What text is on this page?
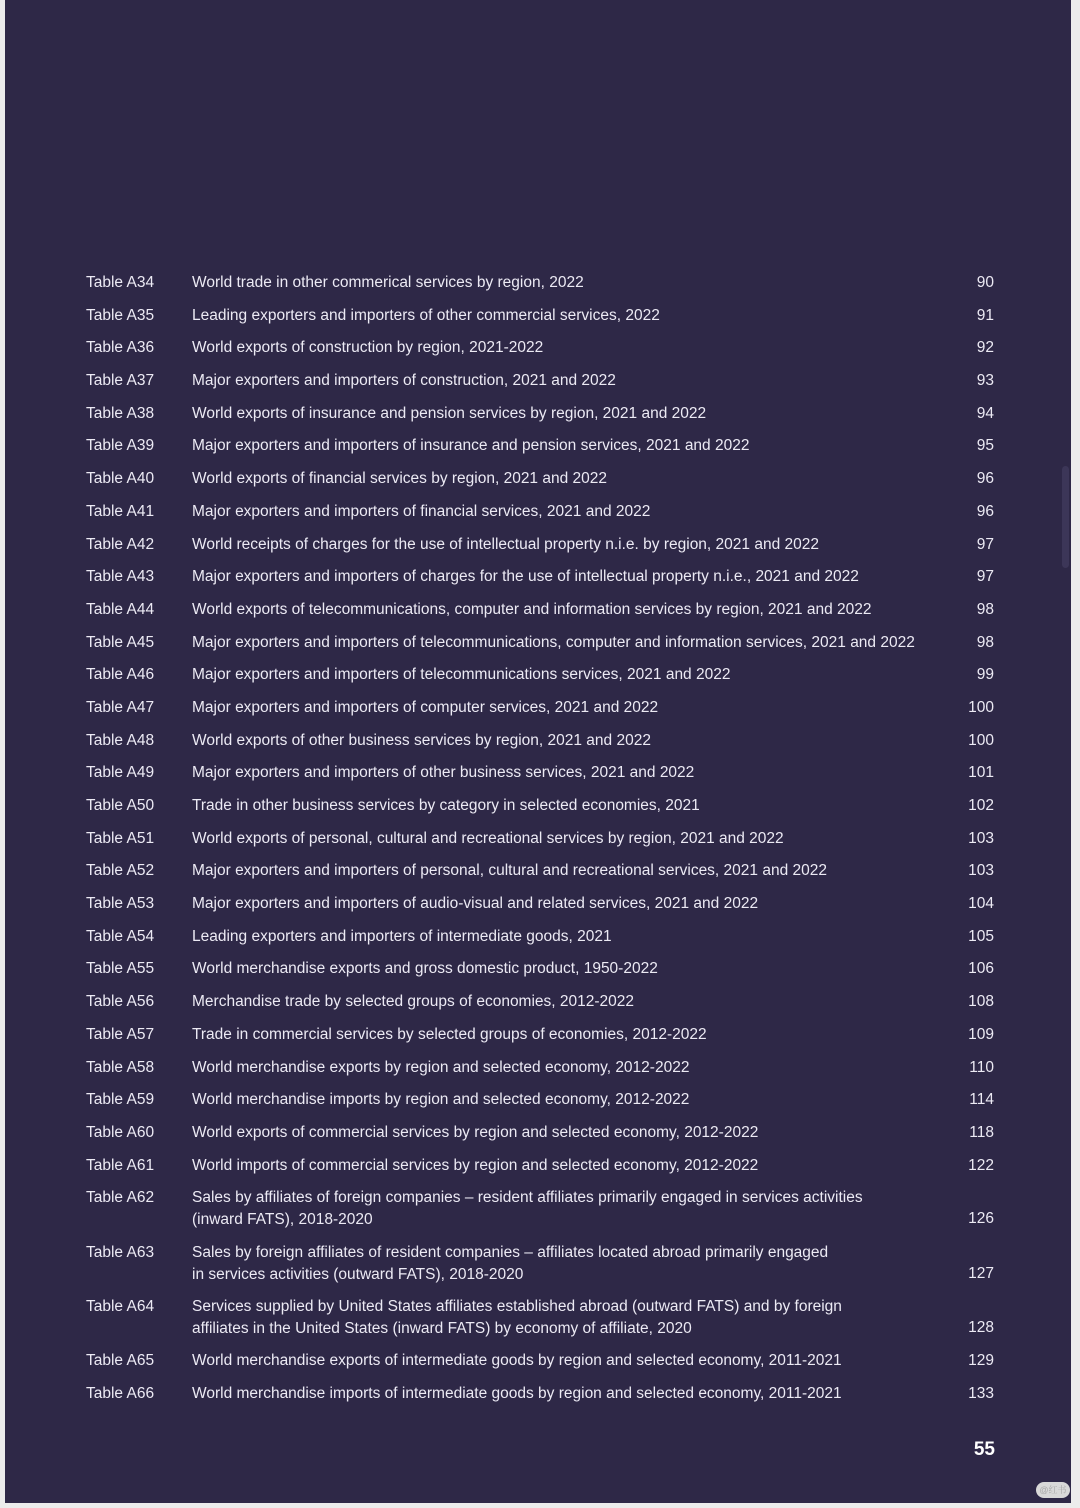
Table A34	World trade in other commerical services by region, 2022	90
Table A35	Leading exporters and importers of other commercial services, 2022	91
Table A36	World exports of construction by region, 2021-2022	92
Table A37	Major exporters and importers of construction, 2021 and 2022	93
Table A38	World exports of insurance and pension services by region, 2021 and 2022	94
Table A39	Major exporters and importers of insurance and pension services, 2021 and 2022	95
Table A40	World exports of financial services by region, 2021 and 2022	96
Table A41	Major exporters and importers of financial services, 2021 and 2022	96
Table A42	World receipts of charges for the use of intellectual property n.i.e. by region, 2021 and 2022	97
Table A43	Major exporters and importers of charges for the use of intellectual property n.i.e., 2021 and 2022	97
Table A44	World exports of telecommunications, computer and information services by region, 2021 and 2022	98
Table A45	Major exporters and importers of telecommunications, computer and information services, 2021 and 2022	98
Table A46	Major exporters and importers of telecommunications services, 2021 and 2022	99
Table A47	Major exporters and importers of computer services, 2021 and 2022	100
Table A48	World exports of other business services by region, 2021 and 2022	100
Table A49	Major exporters and importers of other business services, 2021 and 2022	101
Table A50	Trade in other business services by category in selected economies, 2021	102
Table A51	World exports of personal, cultural and recreational services by region, 2021 and 2022	103
Table A52	Major exporters and importers of personal, cultural and recreational services, 2021 and 2022	103
Table A53	Major exporters and importers of audio-visual and related services, 2021 and 2022	104
Table A54	Leading exporters and importers of intermediate goods, 2021	105
Table A55	World merchandise exports and gross domestic product, 1950-2022	106
Table A56	Merchandise trade by selected groups of economies, 2012-2022	108
Table A57	Trade in commercial services by selected groups of economies, 2012-2022	109
Table A58	World merchandise exports by region and selected economy, 2012-2022	110
Table A59	World merchandise imports by region and selected economy, 2012-2022	114
Table A60	World exports of commercial services by region and selected economy, 2012-2022	118
Table A61	World imports of commercial services by region and selected economy, 2012-2022	122
Table A62	Sales by affiliates of foreign companies – resident affiliates primarily engaged in services activities
(inward FATS), 2018-2020	126
Table A63	Sales by foreign affiliates of resident companies – affiliates located abroad primarily engaged
in services activities (outward FATS), 2018-2020	127
Table A64	Services supplied by United States affiliates established abroad (outward FATS) and by foreign
affiliates in the United States (inward FATS) by economy of affiliate, 2020	128
Table A65	World merchandise exports of intermediate goods by region and selected economy, 2011-2021	129
Table A66	World merchandise imports of intermediate goods by region and selected economy, 2011-2021	133
55
@红书
